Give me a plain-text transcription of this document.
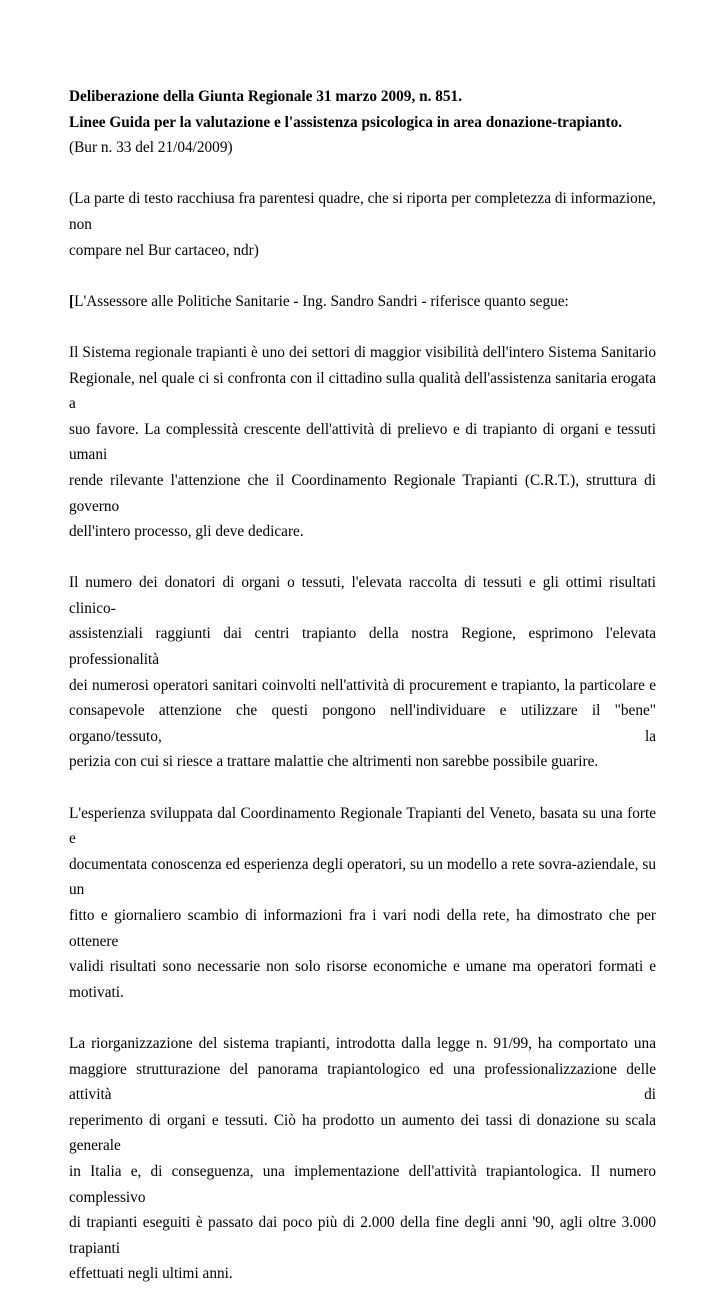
Deliberazione della Giunta Regionale 31 marzo 2009, n. 851.
Linee Guida per la valutazione e l'assistenza psicologica in area donazione-trapianto.
(Bur n. 33 del 21/04/2009)
(La parte di testo racchiusa fra parentesi quadre, che si riporta per completezza di informazione, non
compare nel Bur cartaceo, ndr)
[L'Assessore alle Politiche Sanitarie - Ing. Sandro Sandri - riferisce quanto segue:
Il Sistema regionale trapianti è uno dei settori di maggior visibilità dell'intero Sistema Sanitario
Regionale, nel quale ci si confronta con il cittadino sulla qualità dell'assistenza sanitaria erogata a
suo favore. La complessità crescente dell'attività di prelievo e di trapianto di organi e tessuti umani
rende rilevante l'attenzione che il Coordinamento Regionale Trapianti (C.R.T.), struttura di governo
dell'intero processo, gli deve dedicare.
Il numero dei donatori di organi o tessuti, l'elevata raccolta di tessuti e gli ottimi risultati clinico-
assistenziali raggiunti dai centri trapianto della nostra Regione, esprimono l'elevata professionalità
dei numerosi operatori sanitari coinvolti nell'attività di procurement e trapianto, la particolare e
consapevole attenzione che questi pongono nell'individuare e utilizzare il "bene" organo/tessuto, la
perizia con cui si riesce a trattare malattie che altrimenti non sarebbe possibile guarire.
L'esperienza sviluppata dal Coordinamento Regionale Trapianti del Veneto, basata su una forte e
documentata conoscenza ed esperienza degli operatori, su un modello a rete sovra-aziendale, su un
fitto e giornaliero scambio di informazioni fra i vari nodi della rete, ha dimostrato che per ottenere
validi risultati sono necessarie non solo risorse economiche e umane ma operatori formati e
motivati.
La riorganizzazione del sistema trapianti, introdotta dalla legge n. 91/99, ha comportato una
maggiore strutturazione del panorama trapiantologico ed una professionalizzazione delle attività di
reperimento di organi e tessuti. Ciò ha prodotto un aumento dei tassi di donazione su scala generale
in Italia e, di conseguenza, una implementazione dell'attività trapiantologica. Il numero complessivo
di trapianti eseguiti è passato dai poco più di 2.000 della fine degli anni '90, agli oltre 3.000 trapianti
effettuati negli ultimi anni.
